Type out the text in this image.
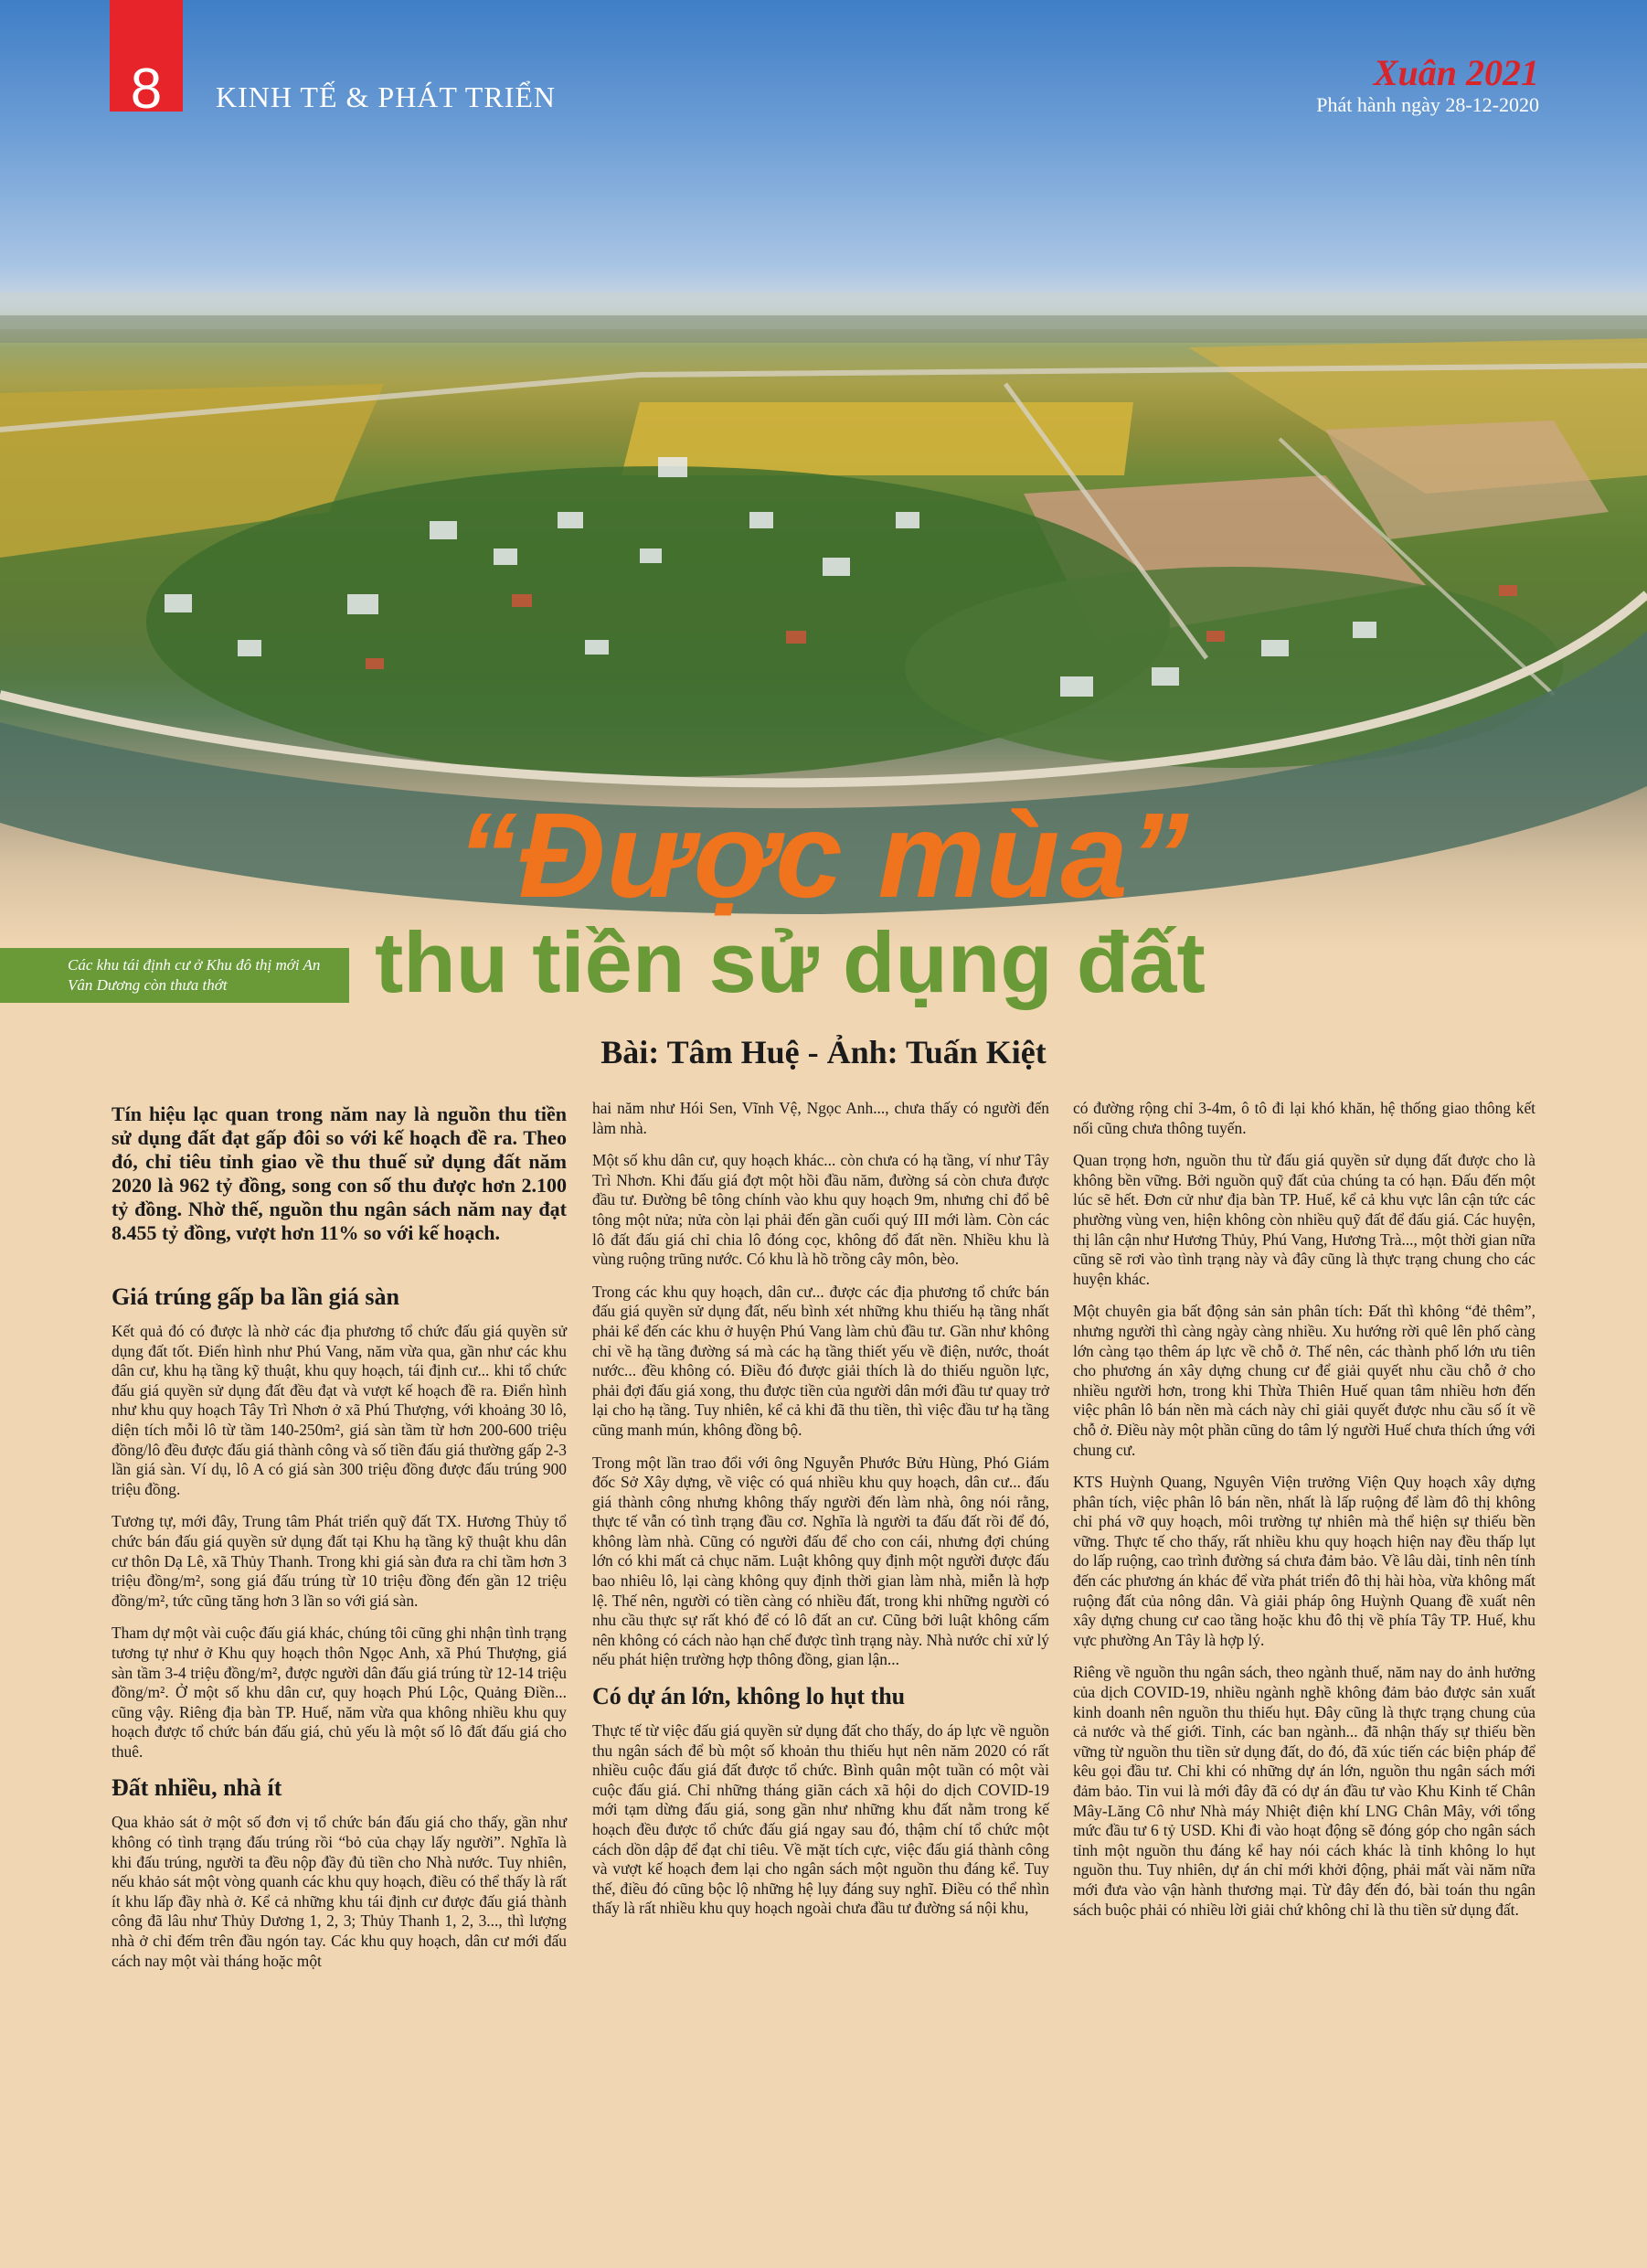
8	KINH TẾ & PHÁT TRIỂN
Xuân 2021
Phát hành ngày 28-12-2020
“Được mùa”
Các khu tái định cư ở Khu đô thị mới An Vân Dương còn thưa thớt	thu tiền sử dụng đất
Bài: Tâm Huệ - Ảnh: Tuấn Kiệt

Tín hiệu lạc quan trong năm nay là nguồn thu tiền sử dụng đất đạt gấp đôi so với kế hoạch đề ra. Theo đó, chỉ tiêu tỉnh giao về thu thuế sử dụng đất năm 2020 là 962 tỷ đồng, song con số thu được hơn 2.100 tỷ đồng. Nhờ thế, nguồn thu ngân sách năm nay đạt 8.455 tỷ đồng, vượt hơn 11% so với kế hoạch.

Giá trúng gấp ba lần giá sàn

Kết quả đó có được là nhờ các địa phương tổ chức đấu giá quyền sử dụng đất tốt. Điển hình như Phú Vang, năm vừa qua, gần như các khu dân cư, khu hạ tầng kỹ thuật, khu quy hoạch, tái định cư... khi tổ chức đấu giá quyền sử dụng đất đều đạt và vượt kế hoạch đề ra. Điển hình như khu quy hoạch Tây Trì Nhơn ở xã Phú Thượng, với khoảng 30 lô, diện tích mỗi lô từ tầm 140-250m², giá sàn tầm từ hơn 200-600 triệu đồng/lô đều được đấu giá thành công và số tiền đấu giá thường gấp 2-3 lần giá sàn. Ví dụ, lô A có giá sàn 300 triệu đồng được đấu trúng 900 triệu đồng.

Tương tự, mới đây, Trung tâm Phát triển quỹ đất TX. Hương Thủy tổ chức bán đấu giá quyền sử dụng đất tại Khu hạ tầng kỹ thuật khu dân cư thôn Dạ Lê, xã Thủy Thanh. Trong khi giá sàn đưa ra chỉ tầm hơn 3 triệu đồng/m², song giá đấu trúng từ 10 triệu đồng đến gần 12 triệu đồng/m², tức cũng tăng hơn 3 lần so với giá sàn.

Tham dự một vài cuộc đấu giá khác, chúng tôi cũng ghi nhận tình trạng tương tự như ở Khu quy hoạch thôn Ngọc Anh, xã Phú Thượng, giá sàn tầm 3-4 triệu đồng/m², được người dân đấu giá trúng từ 12-14 triệu đồng/m². Ở một số khu dân cư, quy hoạch Phú Lộc, Quảng Điền... cũng vậy. Riêng địa bàn TP. Huế, năm vừa qua không nhiều khu quy hoạch được tổ chức bán đấu giá, chủ yếu là một số lô đất đấu giá cho thuê.

Đất nhiều, nhà ít

Qua khảo sát ở một số đơn vị tổ chức bán đấu giá cho thấy, gần như không có tình trạng đấu trúng rồi “bỏ của chạy lấy người”. Nghĩa là khi đấu trúng, người ta đều nộp đầy đủ tiền cho Nhà nước. Tuy nhiên, nếu khảo sát một vòng quanh các khu quy hoạch, điều có thể thấy là rất ít khu lấp đầy nhà ở. Kể cả những khu tái định cư được đấu giá thành công đã lâu như Thủy Dương 1, 2, 3; Thủy Thanh 1, 2, 3..., thì lượng nhà ở chỉ đếm trên đầu ngón tay. Các khu quy hoạch, dân cư mới đấu cách nay một vài tháng hoặc một

hai năm như Hói Sen, Vĩnh Vệ, Ngọc Anh..., chưa thấy có người đến làm nhà.

Một số khu dân cư, quy hoạch khác... còn chưa có hạ tầng, ví như Tây Trì Nhơn. Khi đấu giá đợt một hồi đầu năm, đường sá còn chưa được đầu tư. Đường bê tông chính vào khu quy hoạch 9m, nhưng chỉ đổ bê tông một nửa; nửa còn lại phải đến gần cuối quý III mới làm. Còn các lô đất đấu giá chỉ chia lô đóng cọc, không đổ đất nền. Nhiều khu là vùng ruộng trũng nước. Có khu là hồ trồng cây môn, bèo.

Trong các khu quy hoạch, dân cư... được các địa phương tổ chức bán đấu giá quyền sử dụng đất, nếu bình xét những khu thiếu hạ tầng nhất phải kể đến các khu ở huyện Phú Vang làm chủ đầu tư. Gần như không chỉ về hạ tầng đường sá mà các hạ tầng thiết yếu về điện, nước, thoát nước... đều không có. Điều đó được giải thích là do thiếu nguồn lực, phải đợi đấu giá xong, thu được tiền của người dân mới đầu tư quay trở lại cho hạ tầng. Tuy nhiên, kể cả khi đã thu tiền, thì việc đầu tư hạ tầng cũng manh mún, không đồng bộ.

Trong một lần trao đổi với ông Nguyễn Phước Bửu Hùng, Phó Giám đốc Sở Xây dựng, về việc có quá nhiều khu quy hoạch, dân cư... đấu giá thành công nhưng không thấy người đến làm nhà, ông nói rằng, thực tế vẫn có tình trạng đầu cơ. Nghĩa là người ta đấu đất rồi để đó, không làm nhà. Cũng có người đấu để cho con cái, nhưng đợi chúng lớn có khi mất cả chục năm. Luật không quy định một người được đấu bao nhiêu lô, lại càng không quy định thời gian làm nhà, miễn là hợp lệ. Thế nên, người có tiền càng có nhiều đất, trong khi những người có nhu cầu thực sự rất khó để có lô đất an cư. Cũng bởi luật không cấm nên không có cách nào hạn chế được tình trạng này. Nhà nước chỉ xử lý nếu phát hiện trường hợp thông đồng, gian lận...

Có dự án lớn, không lo hụt thu

Thực tế từ việc đấu giá quyền sử dụng đất cho thấy, do áp lực về nguồn thu ngân sách để bù một số khoản thu thiếu hụt nên năm 2020 có rất nhiều cuộc đấu giá đất được tổ chức. Bình quân một tuần có một vài cuộc đấu giá. Chỉ những tháng giãn cách xã hội do dịch COVID-19 mới tạm dừng đấu giá, song gần như những khu đất nằm trong kế hoạch đều được tổ chức đấu giá ngay sau đó, thậm chí tổ chức một cách dồn dập để đạt chỉ tiêu. Về mặt tích cực, việc đấu giá thành công và vượt kế hoạch đem lại cho ngân sách một nguồn thu đáng kể. Tuy thế, điều đó cũng bộc lộ những hệ lụy đáng suy nghĩ. Điều có thể nhìn thấy là rất nhiều khu quy hoạch ngoài chưa đầu tư đường sá nội khu,

có đường rộng chỉ 3-4m, ô tô đi lại khó khăn, hệ thống giao thông kết nối cũng chưa thông tuyến.

Quan trọng hơn, nguồn thu từ đấu giá quyền sử dụng đất được cho là không bền vững. Bởi nguồn quỹ đất của chúng ta có hạn. Đấu đến một lúc sẽ hết. Đơn cử như địa bàn TP. Huế, kể cả khu vực lân cận tức các phường vùng ven, hiện không còn nhiều quỹ đất để đấu giá. Các huyện, thị lân cận như Hương Thủy, Phú Vang, Hương Trà..., một thời gian nữa cũng sẽ rơi vào tình trạng này và đây cũng là thực trạng chung cho các huyện khác.

Một chuyên gia bất động sản sản phân tích: Đất thì không “đẻ thêm”, nhưng người thì càng ngày càng nhiều. Xu hướng rời quê lên phố càng lớn càng tạo thêm áp lực về chỗ ở. Thế nên, các thành phố lớn ưu tiên cho phương án xây dựng chung cư để giải quyết nhu cầu chỗ ở cho nhiều người hơn, trong khi Thừa Thiên Huế quan tâm nhiều hơn đến việc phân lô bán nền mà cách này chỉ giải quyết được nhu cầu số ít về chỗ ở. Điều này một phần cũng do tâm lý người Huế chưa thích ứng với chung cư.

KTS Huỳnh Quang, Nguyên Viện trưởng Viện Quy hoạch xây dựng phân tích, việc phân lô bán nền, nhất là lấp ruộng để làm đô thị không chỉ phá vỡ quy hoạch, môi trường tự nhiên mà thể hiện sự thiếu bền vững. Thực tế cho thấy, rất nhiều khu quy hoạch hiện nay đều thấp lụt do lấp ruộng, cao trình đường sá chưa đảm bảo. Về lâu dài, tỉnh nên tính đến các phương án khác để vừa phát triển đô thị hài hòa, vừa không mất ruộng đất của nông dân. Và giải pháp ông Huỳnh Quang đề xuất nên xây dựng chung cư cao tầng hoặc khu đô thị về phía Tây TP. Huế, khu vực phường An Tây là hợp lý.

Riêng về nguồn thu ngân sách, theo ngành thuế, năm nay do ảnh hưởng của dịch COVID-19, nhiều ngành nghề không đảm bảo được sản xuất kinh doanh nên nguồn thu thiếu hụt. Đây cũng là thực trạng chung của cả nước và thế giới. Tỉnh, các ban ngành... đã nhận thấy sự thiếu bền vững từ nguồn thu tiền sử dụng đất, do đó, đã xúc tiến các biện pháp để kêu gọi đầu tư. Chỉ khi có những dự án lớn, nguồn thu ngân sách mới đảm bảo. Tin vui là mới đây đã có dự án đầu tư vào Khu Kinh tế Chân Mây-Lăng Cô như Nhà máy Nhiệt điện khí LNG Chân Mây, với tổng mức đầu tư 6 tỷ USD. Khi đi vào hoạt động sẽ đóng góp cho ngân sách tỉnh một nguồn thu đáng kể hay nói cách khác là tỉnh không lo hụt nguồn thu. Tuy nhiên, dự án chỉ mới khởi động, phải mất vài năm nữa mới đưa vào vận hành thương mại. Từ đây đến đó, bài toán thu ngân sách buộc phải có nhiều lời giải chứ không chỉ là thu tiền sử dụng đất.
